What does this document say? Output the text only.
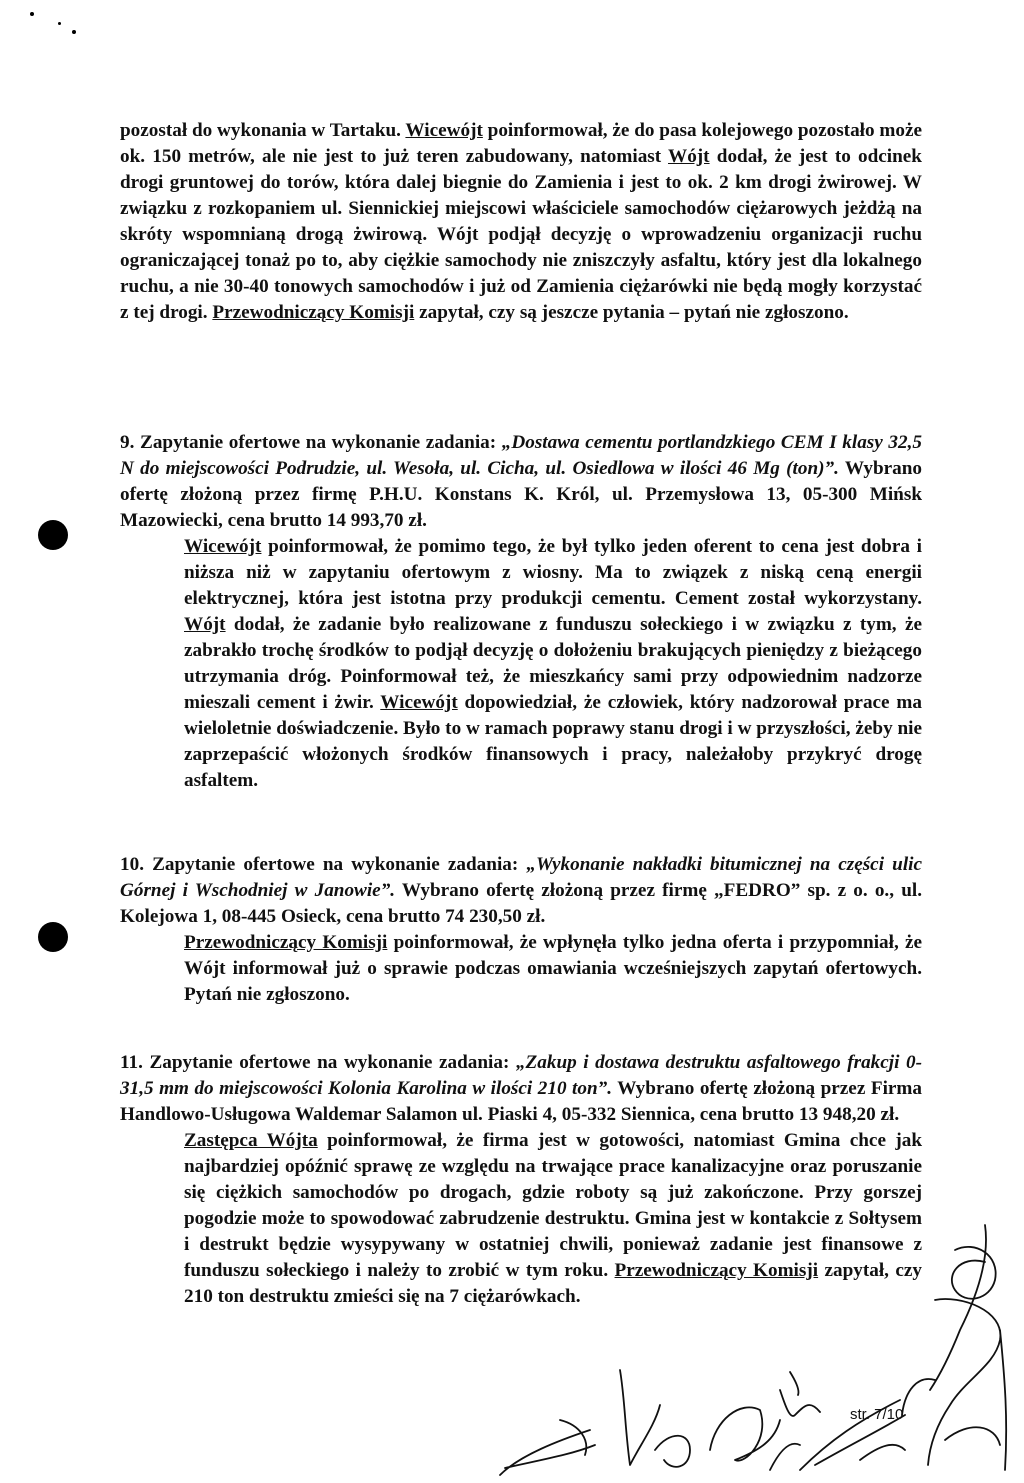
pozostał do wykonania w Tartaku. Wicewójt poinformował, że do pasa kolejowego pozostało może ok. 150 metrów, ale nie jest to już teren zabudowany, natomiast Wójt dodał, że jest to odcinek drogi gruntowej do torów, która dalej biegnie do Zamienia i jest to ok. 2 km drogi żwirowej. W związku z rozkopaniem ul. Siennickiej miejscowi właściciele samochodów ciężarowych jeżdżą na skróty wspomnianą drogą żwirową. Wójt podjął decyzję o wprowadzeniu organizacji ruchu ograniczającej tonaż po to, aby ciężkie samochody nie zniszczyły asfaltu, który jest dla lokalnego ruchu, a nie 30-40 tonowych samochodów i już od Zamienia ciężarówki nie będą mogły korzystać z tej drogi. Przewodniczący Komisji zapytał, czy są jeszcze pytania – pytań nie zgłoszono.

9. Zapytanie ofertowe na wykonanie zadania: „Dostawa cementu portlandzkiego CEM I klasy 32,5 N do miejscowości Podrudzie, ul. Wesoła, ul. Cicha, ul. Osiedlowa w ilości 46 Mg (ton)”. Wybrano ofertę złożoną przez firmę P.H.U. Konstans K. Król, ul. Przemysłowa 13, 05-300 Mińsk Mazowiecki, cena brutto 14 993,70 zł.

Wicewójt poinformował, że pomimo tego, że był tylko jeden oferent to cena jest dobra i niższa niż w zapytaniu ofertowym z wiosny. Ma to związek z niską ceną energii elektrycznej, która jest istotna przy produkcji cementu. Cement został wykorzystany. Wójt dodał, że zadanie było realizowane z funduszu sołeckiego i w związku z tym, że zabrakło trochę środków to podjął decyzję o dołożeniu brakujących pieniędzy z bieżącego utrzymania dróg. Poinformował też, że mieszkańcy sami przy odpowiednim nadzorze mieszali cement i żwir. Wicewójt dopowiedział, że człowiek, który nadzorował prace ma wieloletnie doświadczenie. Było to w ramach poprawy stanu drogi i w przyszłości, żeby nie zaprzepaścić włożonych środków finansowych i pracy, należałoby przykryć drogę asfaltem.

10. Zapytanie ofertowe na wykonanie zadania: „Wykonanie nakładki bitumicznej na części ulic Górnej i Wschodniej w Janowie”. Wybrano ofertę złożoną przez firmę „FEDRO” sp. z o. o., ul. Kolejowa 1, 08-445 Osieck, cena brutto 74 230,50 zł.

Przewodniczący Komisji poinformował, że wpłynęła tylko jedna oferta i przypomniał, że Wójt informował już o sprawie podczas omawiania wcześniejszych zapytań ofertowych. Pytań nie zgłoszono.

11. Zapytanie ofertowe na wykonanie zadania: „Zakup i dostawa destruktu asfaltowego frakcji 0-31,5 mm do miejscowości Kolonia Karolina w ilości 210 ton”. Wybrano ofertę złożoną przez Firma Handlowo-Usługowa Waldemar Salamon ul. Piaski 4, 05-332 Siennica, cena brutto 13 948,20 zł.

Zastępca Wójta poinformował, że firma jest w gotowości, natomiast Gmina chce jak najbardziej opóźnić sprawę ze względu na trwające prace kanalizacyjne oraz poruszanie się ciężkich samochodów po drogach, gdzie roboty są już zakończone. Przy gorszej pogodzie może to spowodować zabrudzenie destruktu. Gmina jest w kontakcie z Sołtysem i destrukt będzie wysypywany w ostatniej chwili, ponieważ zadanie jest finansowe z funduszu sołeckiego i należy to zrobić w tym roku. Przewodniczący Komisji zapytał, czy 210 ton destruktu zmieści się na 7 ciężarówkach.

str. 7/10
